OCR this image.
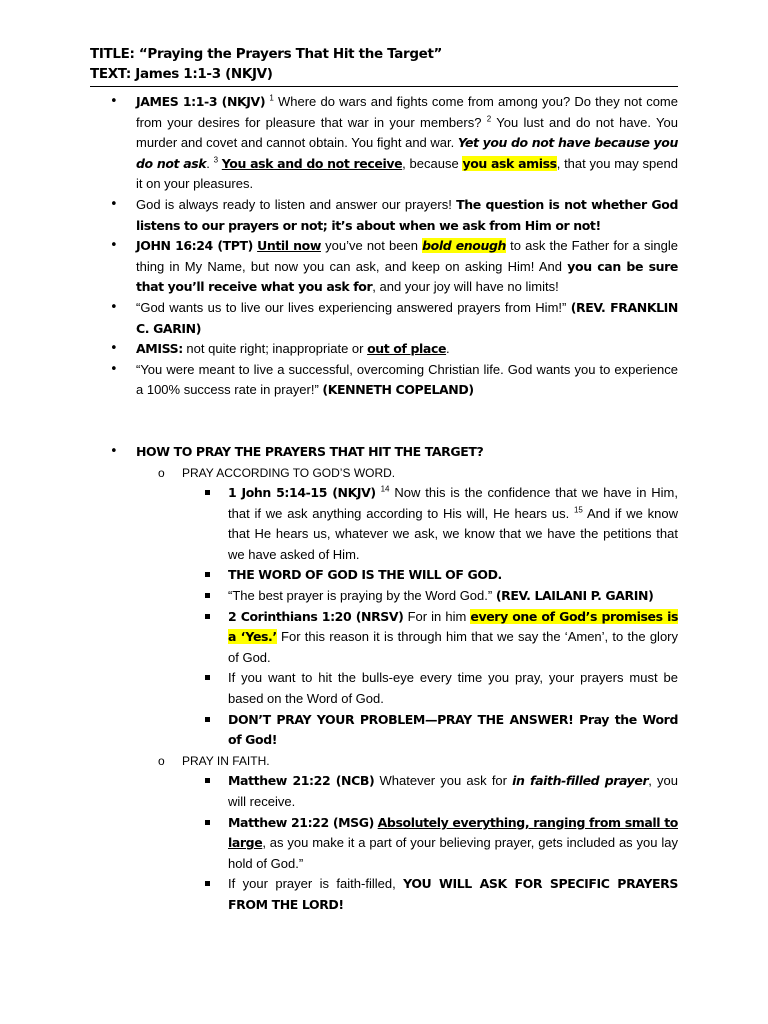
TITLE: “Praying the Prayers That Hit the Target”
TEXT: James 1:1-3 (NKJV)
• JAMES 1:1-3 (NKJV) $^1$ Where do wars and fights come from among you? Do they not come from your desires for pleasure that war in your members? $^2$ You lust and do not have. You murder and covet and cannot obtain. You fight and war. Yet you do not have because you do not ask. $^3$ You ask and do not receive, because you ask amiss, that you may spend it on your pleasures.
• God is always ready to listen and answer our prayers! The question is not whether God listens to our prayers or not; it’s about when we ask from Him or not!
• JOHN 16:24 (TPT) Until now you’ve not been bold enough to ask the Father for a single thing in My Name, but now you can ask, and keep on asking Him! And you can be sure that you’ll receive what you ask for, and your joy will have no limits!
• “God wants us to live our lives experiencing answered prayers from Him!” (REV. FRANKLIN C. GARIN)
• AMISS: not quite right; inappropriate or out of place.
• “You were meant to live a successful, overcoming Christian life. God wants you to experience a 100% success rate in prayer!” (KENNETH COPELAND)
• HOW TO PRAY THE PRAYERS THAT HIT THE TARGET?
o PRAY ACCORDING TO GOD’S WORD.
1 John 5:14-15 (NKJV) $^{14}$ Now this is the confidence that we have in Him, that if we ask anything according to His will, He hears us. $^{15}$ And if we know that He hears us, whatever we ask, we know that we have the petitions that we have asked of Him.
THE WORD OF GOD IS THE WILL OF GOD.
“The best prayer is praying by the Word God.” (REV. LAILANI P. GARIN)
2 Corinthians 1:20 (NRSV) For in him every one of God’s promises is a ‘Yes.’ For this reason it is through him that we say the ‘Amen’, to the glory of God.
If you want to hit the bulls-eye every time you pray, your prayers must be based on the Word of God.
DON’T PRAY YOUR PROBLEM—PRAY THE ANSWER! Pray the Word of God!
o PRAY IN FAITH.
Matthew 21:22 (NCB) Whatever you ask for in faith-filled prayer, you will receive.
Matthew 21:22 (MSG) Absolutely everything, ranging from small to large, as you make it a part of your believing prayer, gets included as you lay hold of God.”
If your prayer is faith-filled, YOU WILL ASK FOR SPECIFIC PRAYERS FROM THE LORD!
